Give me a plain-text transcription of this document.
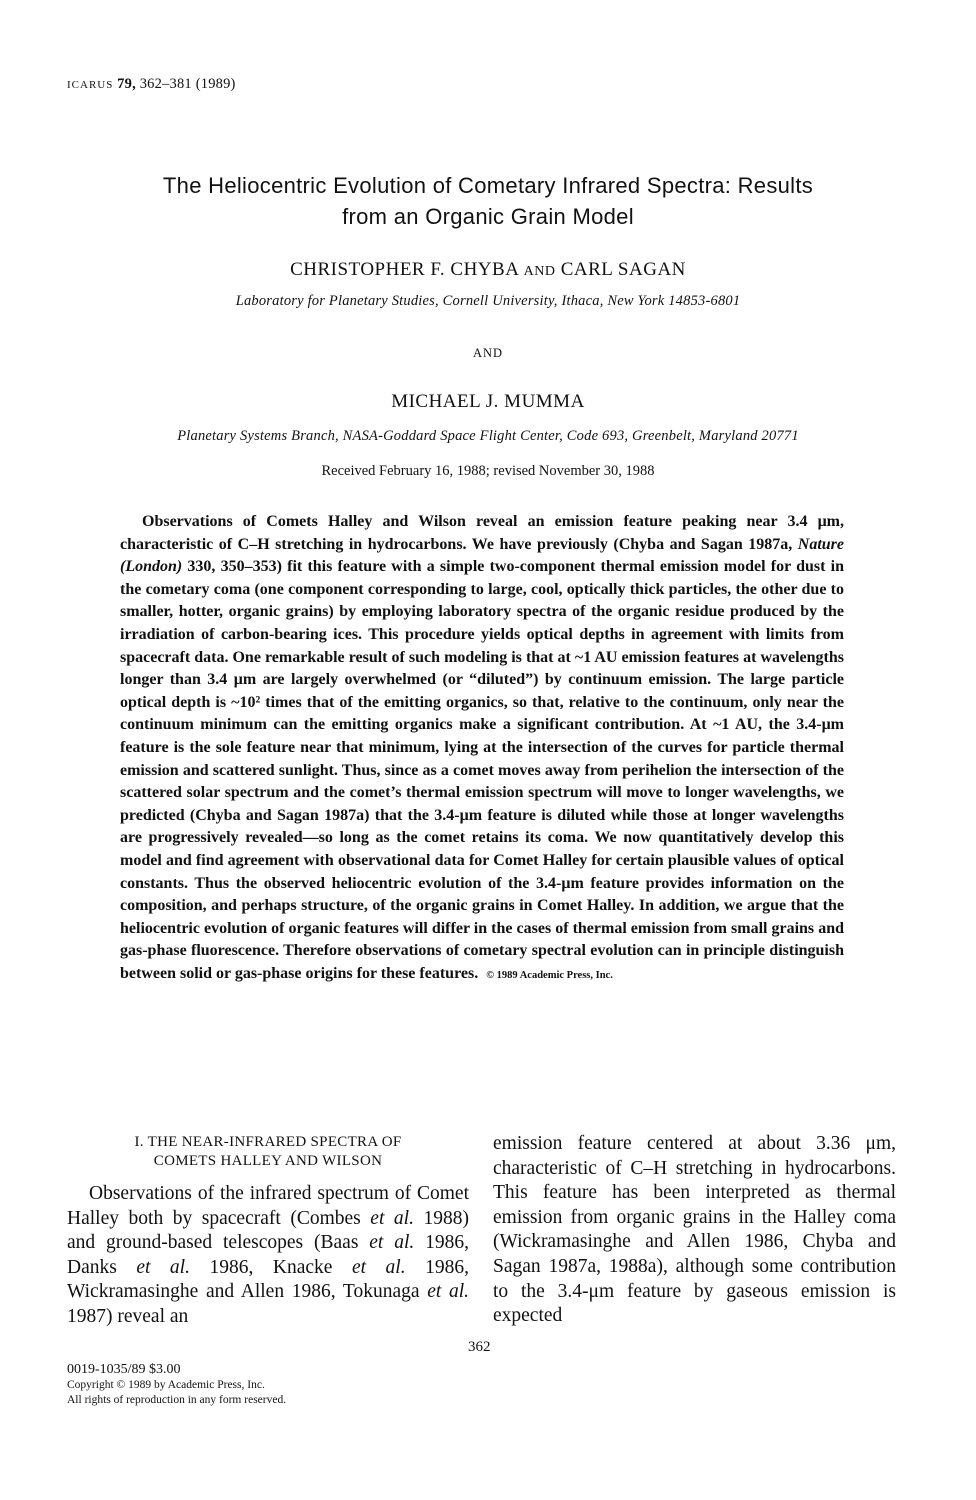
ICARUS 79, 362–381 (1989)
The Heliocentric Evolution of Cometary Infrared Spectra: Results
from an Organic Grain Model
CHRISTOPHER F. CHYBA AND CARL SAGAN
Laboratory for Planetary Studies, Cornell University, Ithaca, New York 14853-6801
AND
MICHAEL J. MUMMA
Planetary Systems Branch, NASA-Goddard Space Flight Center, Code 693, Greenbelt, Maryland 20771
Received February 16, 1988; revised November 30, 1988
Observations of Comets Halley and Wilson reveal an emission feature peaking near 3.4 μm, characteristic of C–H stretching in hydrocarbons. We have previously (Chyba and Sagan 1987a, Nature (London) 330, 350–353) fit this feature with a simple two-component thermal emission model for dust in the cometary coma (one component corresponding to large, cool, optically thick particles, the other due to smaller, hotter, organic grains) by employing laboratory spectra of the organic residue produced by the irradiation of carbon-bearing ices. This procedure yields optical depths in agreement with limits from spacecraft data. One remarkable result of such modeling is that at ~1 AU emission features at wavelengths longer than 3.4 μm are largely overwhelmed (or “diluted”) by continuum emission. The large particle optical depth is ~10² times that of the emitting organics, so that, relative to the continuum, only near the continuum minimum can the emitting organics make a significant contribution. At ~1 AU, the 3.4-μm feature is the sole feature near that minimum, lying at the intersection of the curves for particle thermal emission and scattered sunlight. Thus, since as a comet moves away from perihelion the intersection of the scattered solar spectrum and the comet’s thermal emission spectrum will move to longer wavelengths, we predicted (Chyba and Sagan 1987a) that the 3.4-μm feature is diluted while those at longer wavelengths are progressively revealed—so long as the comet retains its coma. We now quantitatively develop this model and find agreement with observational data for Comet Halley for certain plausible values of optical constants. Thus the observed heliocentric evolution of the 3.4-μm feature provides information on the composition, and perhaps structure, of the organic grains in Comet Halley. In addition, we argue that the heliocentric evolution of organic features will differ in the cases of thermal emission from small grains and gas-phase fluorescence. Therefore observations of cometary spectral evolution can in principle distinguish between solid or gas-phase origins for these features. © 1989 Academic Press, Inc.
I. THE NEAR-INFRARED SPECTRA OF
COMETS HALLEY AND WILSON
Observations of the infrared spectrum of Comet Halley both by spacecraft (Combes et al. 1988) and ground-based telescopes (Baas et al. 1986, Danks et al. 1986, Knacke et al. 1986, Wickramasinghe and Allen 1986, Tokunaga et al. 1987) reveal an
emission feature centered at about 3.36 μm, characteristic of C–H stretching in hydrocarbons. This feature has been interpreted as thermal emission from organic grains in the Halley coma (Wickramasinghe and Allen 1986, Chyba and Sagan 1987a, 1988a), although some contribution to the 3.4-μm feature by gaseous emission is expected
362
0019-1035/89 $3.00
Copyright © 1989 by Academic Press, Inc.
All rights of reproduction in any form reserved.
